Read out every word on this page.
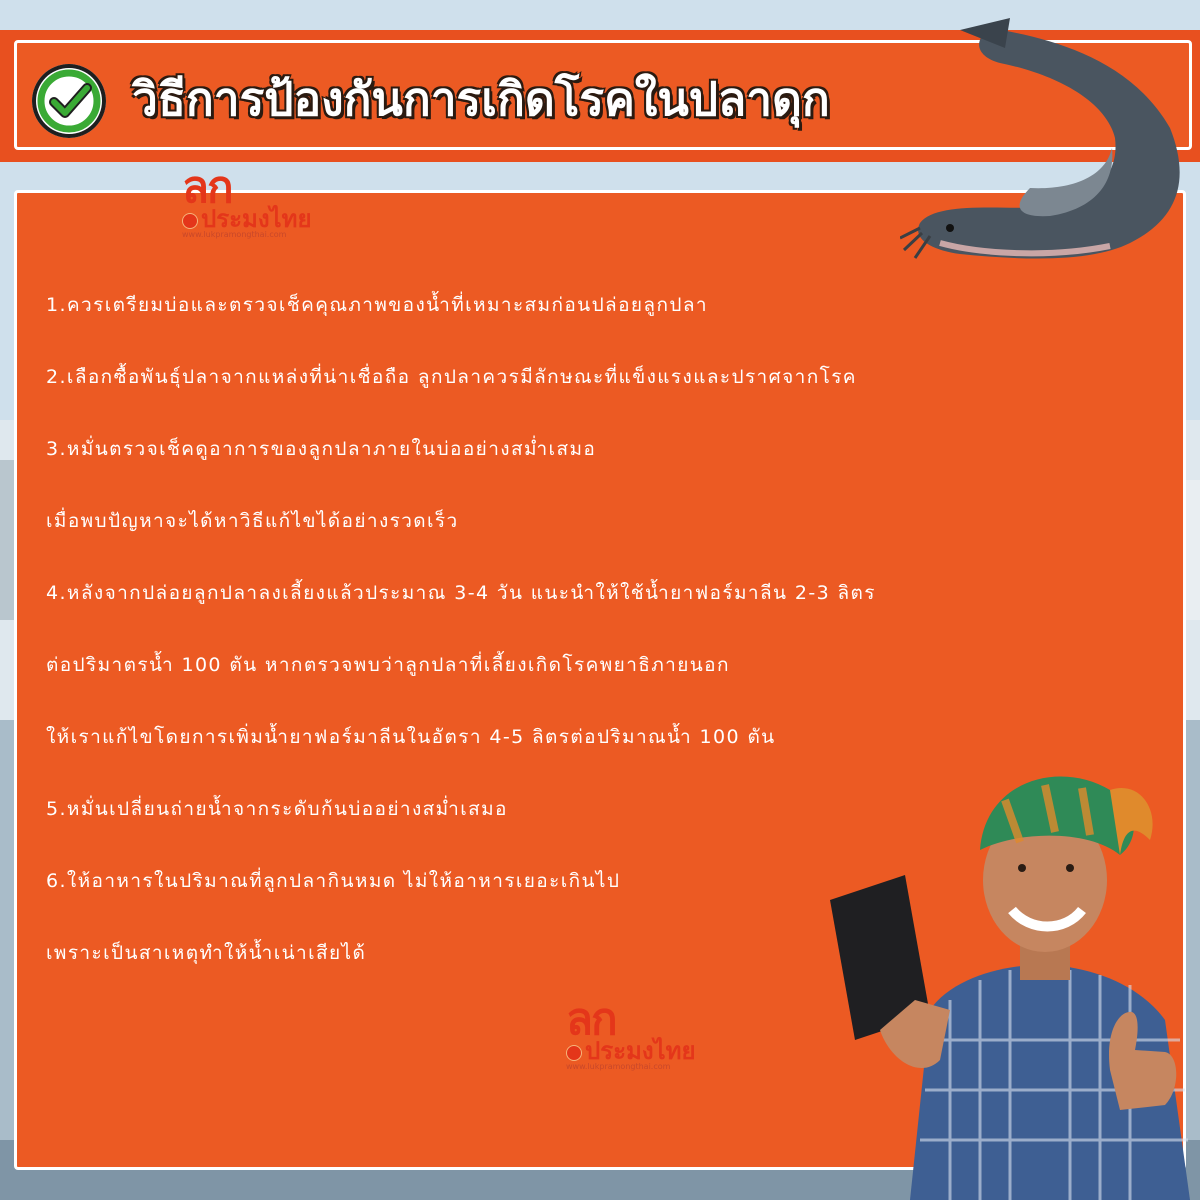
วิธีการป้องกันการเกิดโรคในปลาดุก
ลก
ประมงไทย
www.lukpramongthai.com
1.ควรเตรียมบ่อและตรวจเช็คคุณภาพของน้ำที่เหมาะสมก่อนปล่อยลูกปลา
2.เลือกซื้อพันธุ์ปลาจากแหล่งที่น่าเชื่อถือ ลูกปลาควรมีลักษณะที่แข็งแรงและปราศจากโรค
3.หมั่นตรวจเช็คดูอาการของลูกปลาภายในบ่ออย่างสม่ำเสมอ
เมื่อพบปัญหาจะได้หาวิธีแก้ไขได้อย่างรวดเร็ว
4.หลังจากปล่อยลูกปลาลงเลี้ยงแล้วประมาณ 3-4 วัน แนะนำให้ใช้น้ำยาฟอร์มาลีน 2-3 ลิตร
ต่อปริมาตรน้ำ 100 ตัน หากตรวจพบว่าลูกปลาที่เลี้ยงเกิดโรคพยาธิภายนอก
ให้เราแก้ไขโดยการเพิ่มน้ำยาฟอร์มาลีนในอัตรา 4-5 ลิตรต่อปริมาณน้ำ 100 ตัน
5.หมั่นเปลี่ยนถ่ายน้ำจากระดับก้นบ่ออย่างสม่ำเสมอ
6.ให้อาหารในปริมาณที่ลูกปลากินหมด ไม่ให้อาหารเยอะเกินไป
เพราะเป็นสาเหตุทำให้น้ำเน่าเสียได้
ลก
ประมงไทย
www.lukpramongthai.com
